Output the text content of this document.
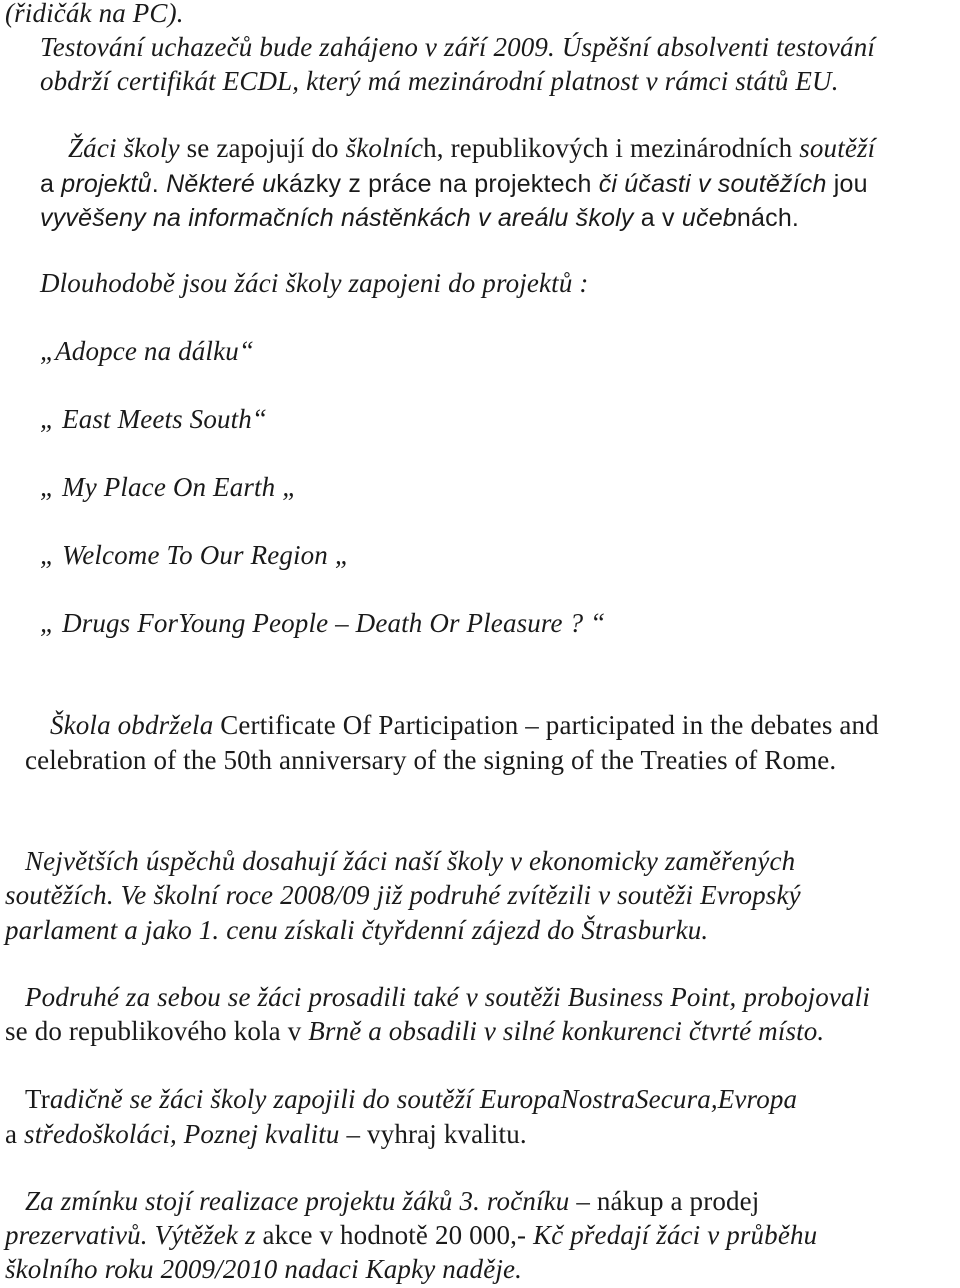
(řidičák na PC).
Testování uchazečů bude zahájeno v září 2009. Úspěšní absolventi testování
obdrží certifikát ECDL, který má mezinárodní platnost v rámci států EU.
Žáci školy se zapojují do školních, republikových i mezinárodních soutěží
a projektů. Některé ukázky z práce na projektech či účasti v soutěžích jou
vyvěšeny na informačních nástěnkách v areálu školy a v učebnách.
Dlouhodobě jsou žáci školy zapojeni do projektů :
„Adopce na dálku“
„ East Meets South“
„ My Place On Earth „
„ Welcome To Our Region „
„ Drugs ForYoung People – Death Or Pleasure ? “
Škola obdržela Certificate Of Participation – participated in the debates and
celebration of the 50th anniversary of the signing of the Treaties of Rome.
Největších úspěchů dosahují žáci naší školy v ekonomicky zaměřených
soutěžích. Ve školní roce 2008/09 již podruhé zvítězili v soutěži Evropský
parlament a jako 1. cenu získali čtyřdenní zájezd do Štrasburku.
Podruhé za sebou se žáci prosadili také v soutěži Business Point, probojovali
se do republikového kola v Brně a obsadili v silné konkurenci čtvrté místo.
Tradičně se žáci školy zapojili do soutěží EuropaNostraSecura,Evropa
a středoškoláci, Poznej kvalitu – vyhraj kvalitu.
Za zmínku stojí realizace projektu žáků 3. ročníku – nákup a prodej
prezervativů. Výtěžek z akce v hodnotě 20 000,- Kč předají žáci v průběhu
školního roku 2009/2010 nadaci Kapky naděje.
